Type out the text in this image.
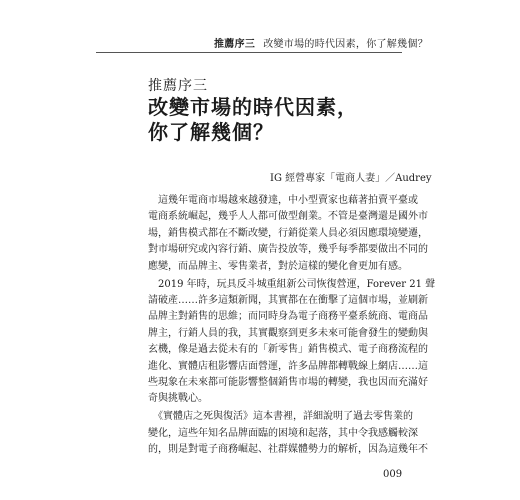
推薦序三 改變市場的時代因素，你了解幾個？
推薦序三
改變市場的時代因素，
你了解幾個？
IG 經營專家「電商人妻」／Audrey

　這幾年電商市場越來越發達，中小型賣家也藉著拍賣平臺或
電商系統崛起，幾乎人人都可做型創業。不管是臺灣還是國外市
場，銷售模式都在不斷改變，行銷從業人員必須因應環境變遷，
對市場研究或內容行銷、廣告投放等，幾乎每季都要做出不同的
應變，而品牌主、零售業者，對於這樣的變化會更加有感。

　2019 年時，玩具反斗城重組新公司恢復營運，Forever 21 聲
請破產……許多這類新聞，其實都在在衝擊了這個市場，並刷新
品牌主對銷售的思維；而同時身為電子商務平臺系統商、電商品
牌主，行銷人員的我，其實觀察到更多未來可能會發生的變動與
玄機，像是過去從未有的「新零售」銷售模式、電子商務流程的
進化、實體店租影響店面營運，許多品牌都轉戰線上網店……這
些現象在未來都可能影響整個銷售市場的轉變，我也因而充滿好
奇與挑戰心。

　《實體店之死與復活》這本書裡，詳細說明了過去零售業的
變化，這些年知名品牌面臨的困境和起落，其中令我感觸較深
的，則是對電子商務崛起、社群媒體勢力的解析，因為這幾年不

009
